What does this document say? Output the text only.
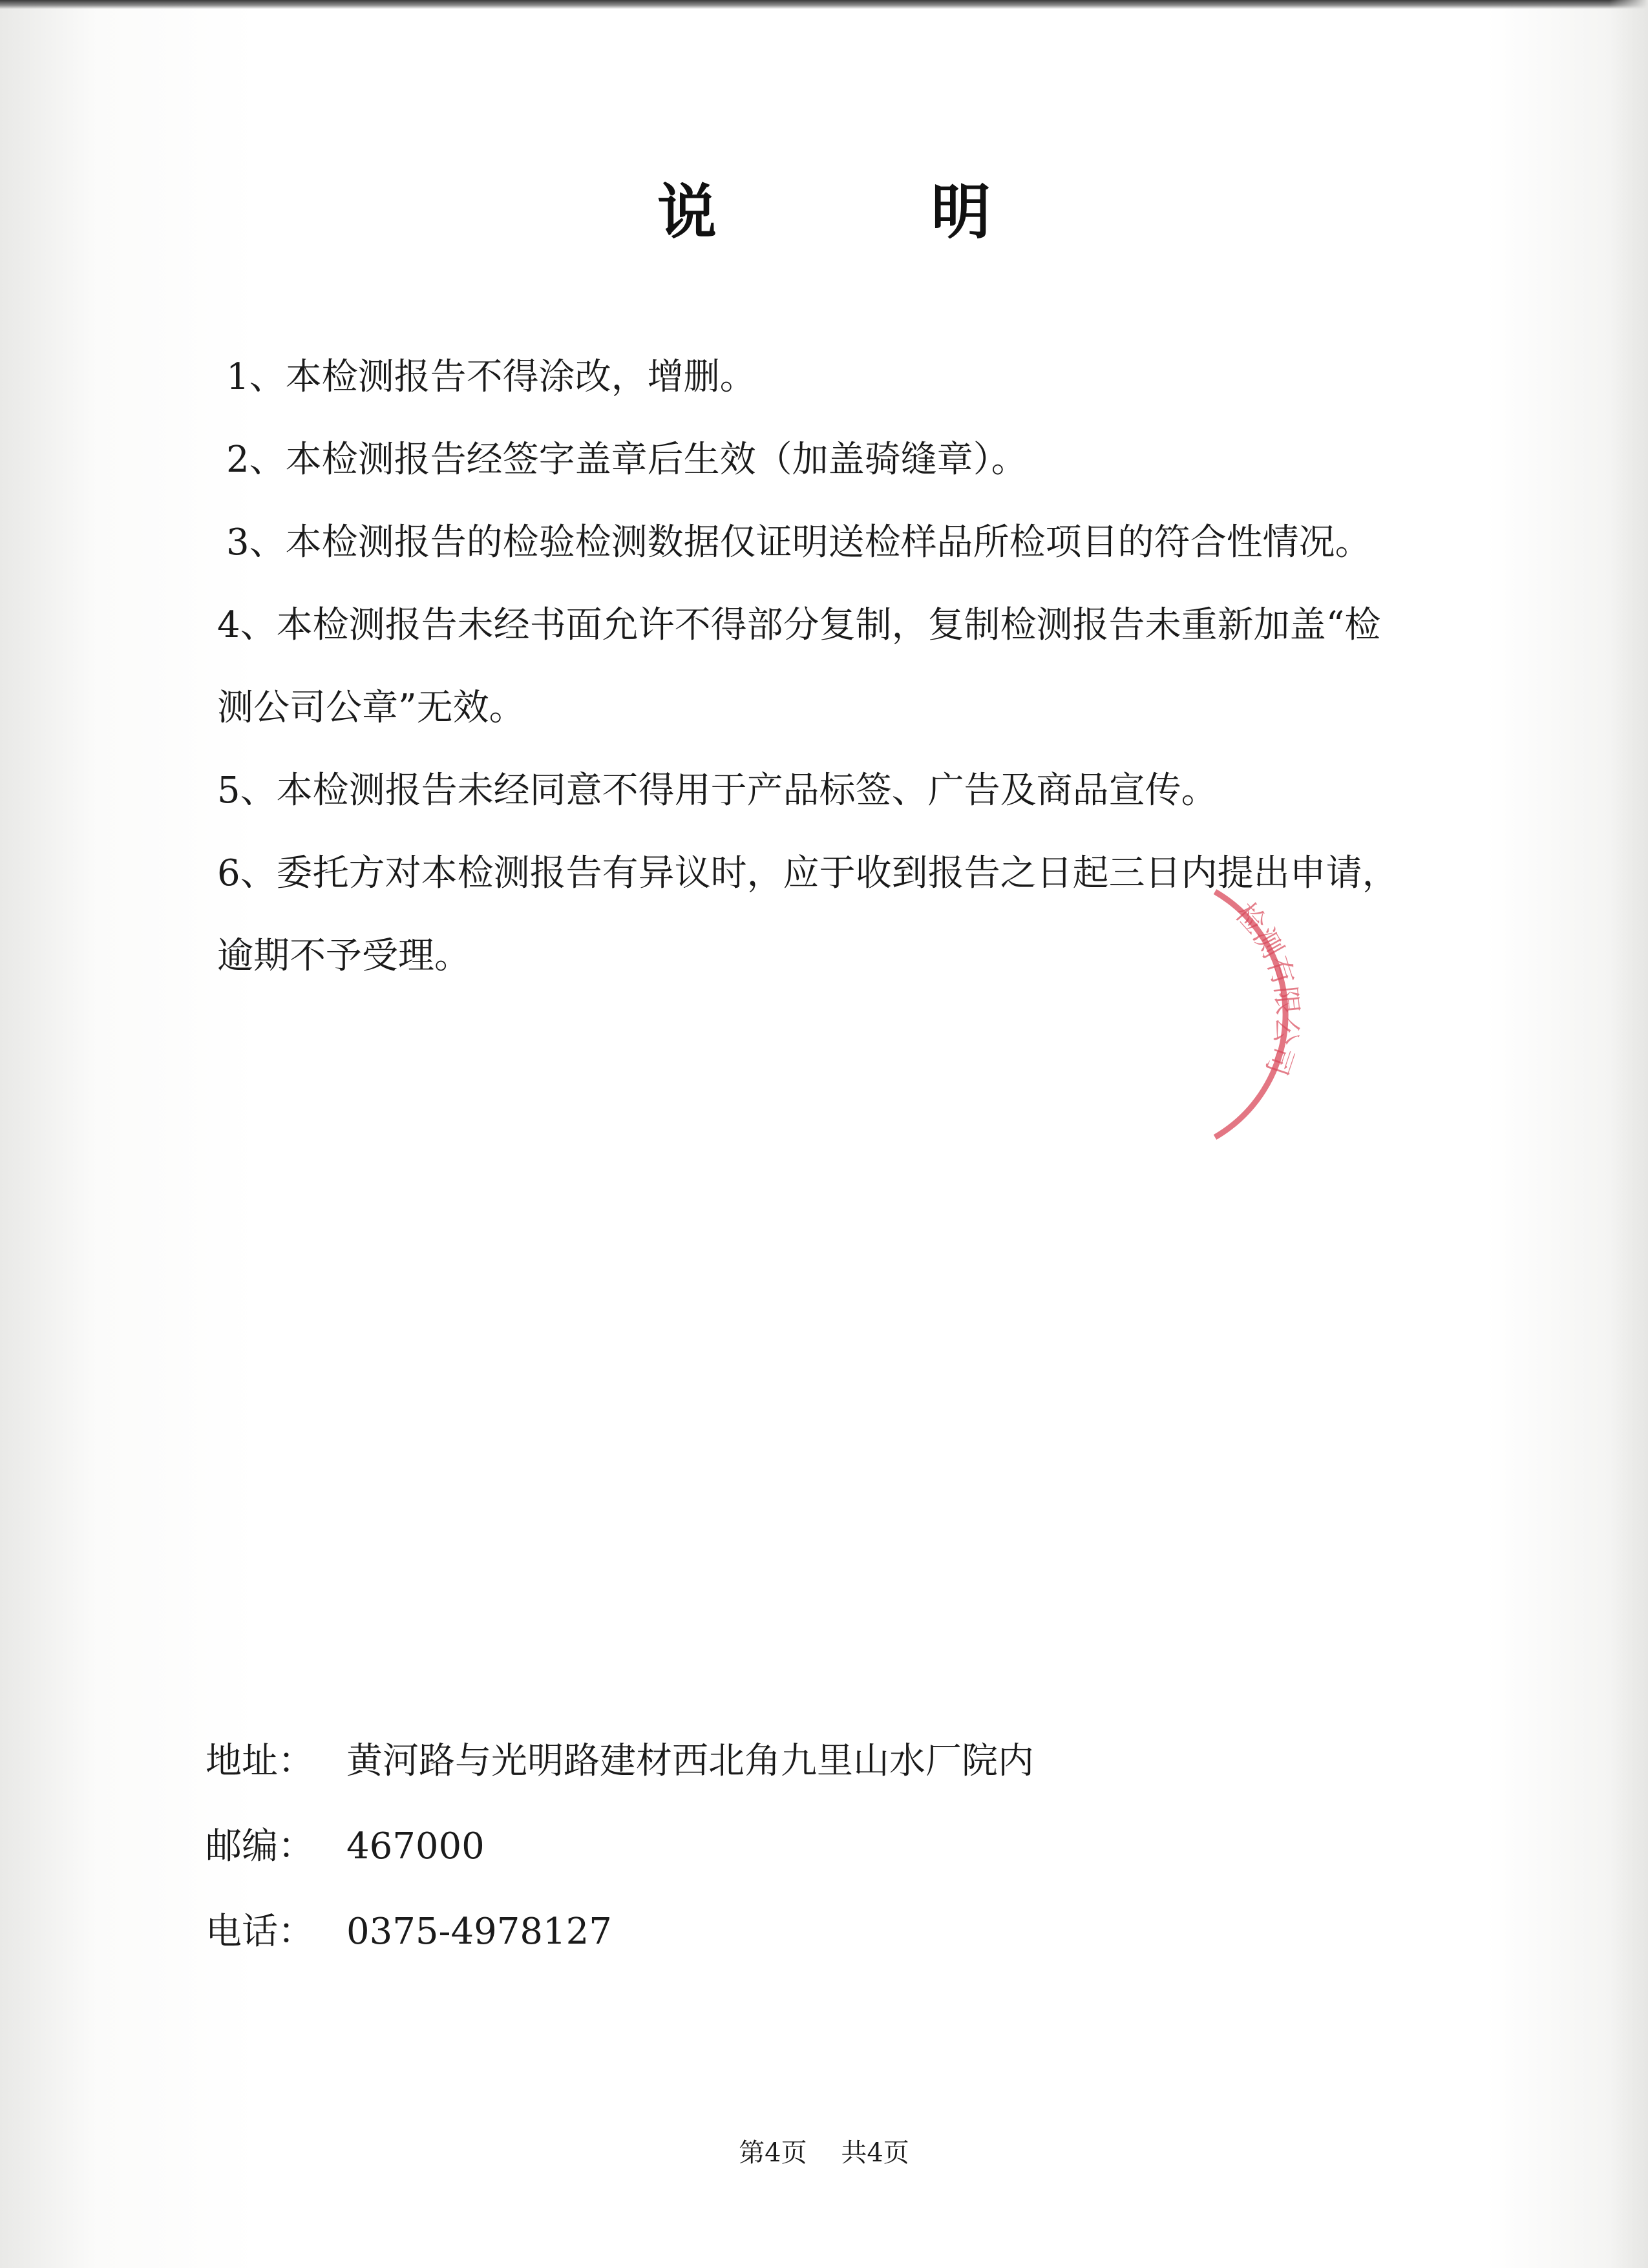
说 明

1、本检测报告不得涂改，增删。

2、本检测报告经签字盖章后生效（加盖骑缝章）。

3、本检测报告的检验检测数据仅证明送检样品所检项目的符合性情况。

4、本检测报告未经书面允许不得部分复制，复制检测报告未重新加盖“检

测公司公章”无效。

5、本检测报告未经同意不得用于产品标签、广告及商品宣传。

6、委托方对本检测报告有异议时，应于收到报告之日起三日内提出申请，

逾期不予受理。

检测有限公司
地址： 黄河路与光明路建材西北角九里山水厂院内
邮编： 467000
电话： 0375-4978127
第4页 共4页
